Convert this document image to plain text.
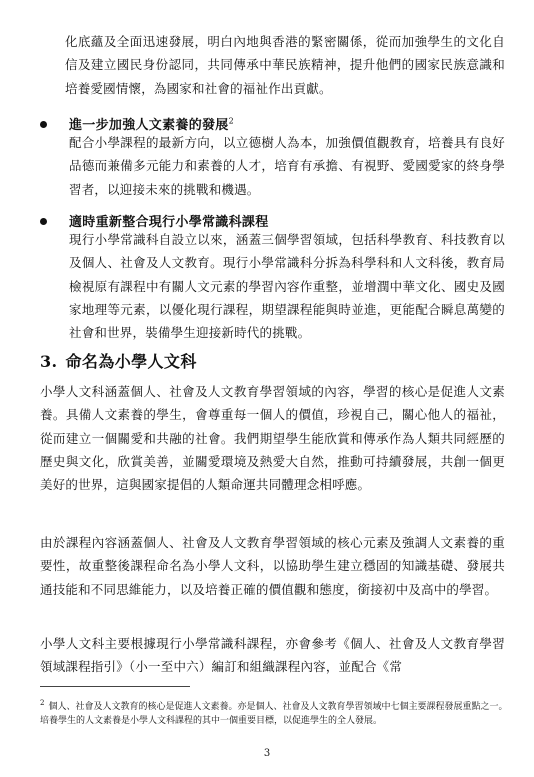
化底蘊及全面迅速發展，明白內地與香港的緊密關係，從而加強學生的文化自信及建立國民身份認同，共同傳承中華民族精神，提升他們的國家民族意識和培養愛國情懷，為國家和社會的福祉作出貢獻。

進一步加強人文素養的發展$^2$

配合小學課程的最新方向，以立德樹人為本，加強價值觀教育，培養具有良好品德而兼備多元能力和素養的人才，培育有承擔、有視野、愛國愛家的終身學習者，以迎接未來的挑戰和機遇。

適時重新整合現行小學常識科課程

現行小學常識科自設立以來，涵蓋三個學習領域，包括科學教育、科技教育以及個人、社會及人文教育。現行小學常識科分拆為科學科和人文科後，教育局檢視原有課程中有關人文元素的學習內容作重整，並增潤中華文化、國史及國家地理等元素，以優化現行課程，期望課程能與時並進，更能配合瞬息萬變的社會和世界，裝備學生迎接新時代的挑戰。

3. 命名為小學人文科

小學人文科涵蓋個人、社會及人文教育學習領域的內容，學習的核心是促進人文素養。具備人文素養的學生，會尊重每一個人的價值，珍視自己，關心他人的福祉，從而建立一個關愛和共融的社會。我們期望學生能欣賞和傳承作為人類共同經歷的歷史與文化，欣賞美善，並關愛環境及熱愛大自然，推動可持續發展，共創一個更美好的世界，這與國家提倡的人類命運共同體理念相呼應。

由於課程內容涵蓋個人、社會及人文教育學習領域的核心元素及強調人文素養的重要性，故重整後課程命名為小學人文科，以協助學生建立穩固的知識基礎、發展共通技能和不同思維能力，以及培養正確的價值觀和態度，銜接初中及高中的學習。

小學人文科主要根據現行小學常識科課程，亦會參考《個人、社會及人文教育學習領域課程指引》（小一至中六）編訂和組織課程內容，並配合《常

$^2$ 個人、社會及人文教育的核心是促進人文素養。亦是個人、社會及人文教育學習領域中七個主要課程發展重點之一。培養學生的人文素養是小學人文科課程的其中一個重要目標，以促進學生的全人發展。

3
